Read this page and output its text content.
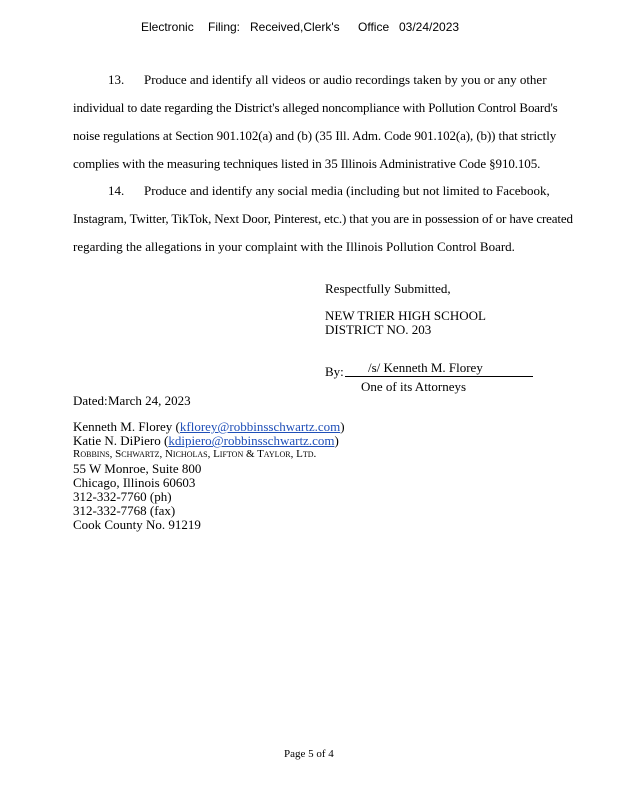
Electronic Filing: Received,Clerk's Office 03/24/2023
13. Produce and identify all videos or audio recordings taken by you or any other
individual to date regarding the District's alleged noncompliance with Pollution Control Board's
noise regulations at Section 901.102(a) and (b) (35 Ill. Adm. Code 901.102(a), (b)) that strictly
complies with the measuring techniques listed in 35 Illinois Administrative Code §910.105.
14. Produce and identify any social media (including but not limited to Facebook,
Instagram, Twitter, TikTok, Next Door, Pinterest, etc.) that you are in possession of or have created
regarding the allegations in your complaint with the Illinois Pollution Control Board.
Respectfully Submitted,
NEW TRIER HIGH SCHOOL
DISTRICT NO. 203
By: /s/ Kenneth M. Florey
One of its Attorneys
Dated: March 24, 2023
Kenneth M. Florey (kflorey@robbinsschwartz.com)
Katie N. DiPiero (kdipiero@robbinsschwartz.com)
Robbins, Schwartz, Nicholas, Lifton & Taylor, Ltd.
55 W Monroe, Suite 800
Chicago, Illinois 60603
312-332-7760 (ph)
312-332-7768 (fax)
Cook County No. 91219
Page 5 of 4
